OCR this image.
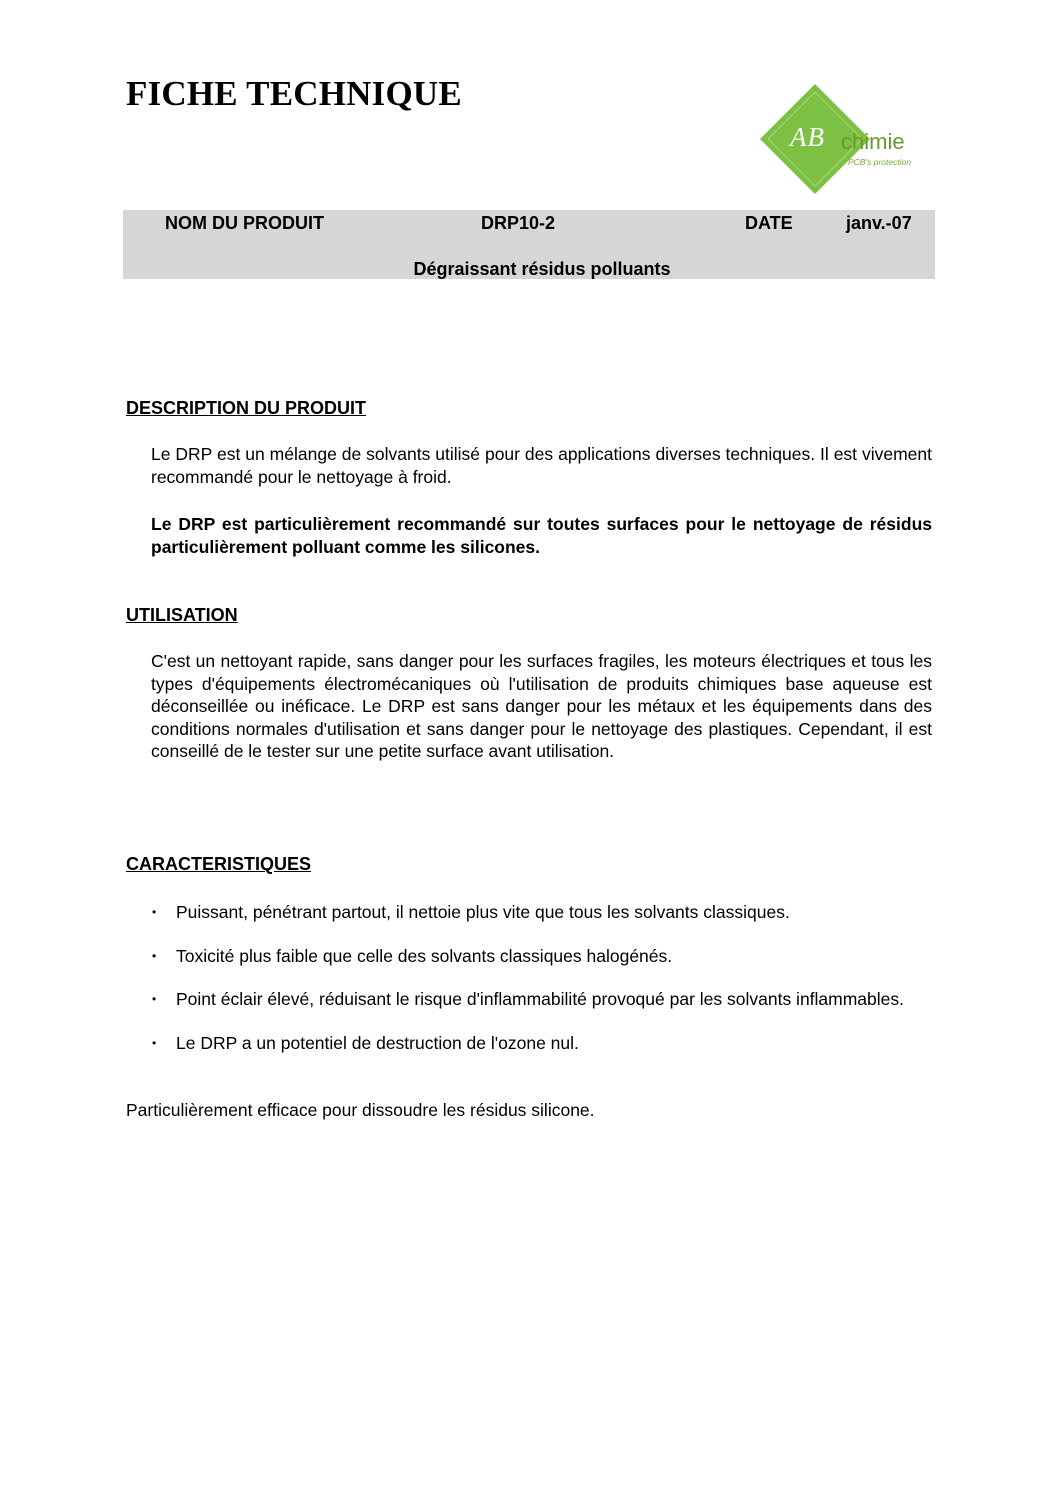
FICHE TECHNIQUE
AB chimie
PCB's protection
NOM DU PRODUIT	DRP10-2	DATE	janv.-07
Dégraissant résidus polluants
DESCRIPTION DU PRODUIT

Le DRP est un mélange de solvants utilisé pour des applications diverses techniques. Il est vivement recommandé pour le nettoyage à froid.

Le DRP est particulièrement recommandé sur toutes surfaces pour le nettoyage de résidus particulièrement polluant comme les silicones.

UTILISATION

C'est un nettoyant rapide, sans danger pour les surfaces fragiles, les moteurs électriques et tous les types d'équipements électromécaniques où l'utilisation de produits chimiques base aqueuse est déconseillée ou inéficace. Le DRP est sans danger pour les métaux et les équipements dans des conditions normales d'utilisation et sans danger pour le nettoyage des plastiques. Cependant, il est conseillé de le tester sur une petite surface avant utilisation.

CARACTERISTIQUES
• Puissant, pénétrant partout, il nettoie plus vite que tous les solvants classiques.
• Toxicité plus faible que celle des solvants classiques halogénés.
• Point éclair élevé, réduisant le risque d'inflammabilité provoqué par les solvants inflammables.
• Le DRP a un potentiel de destruction de l'ozone nul.

Particulièrement efficace pour dissoudre les résidus silicone.
